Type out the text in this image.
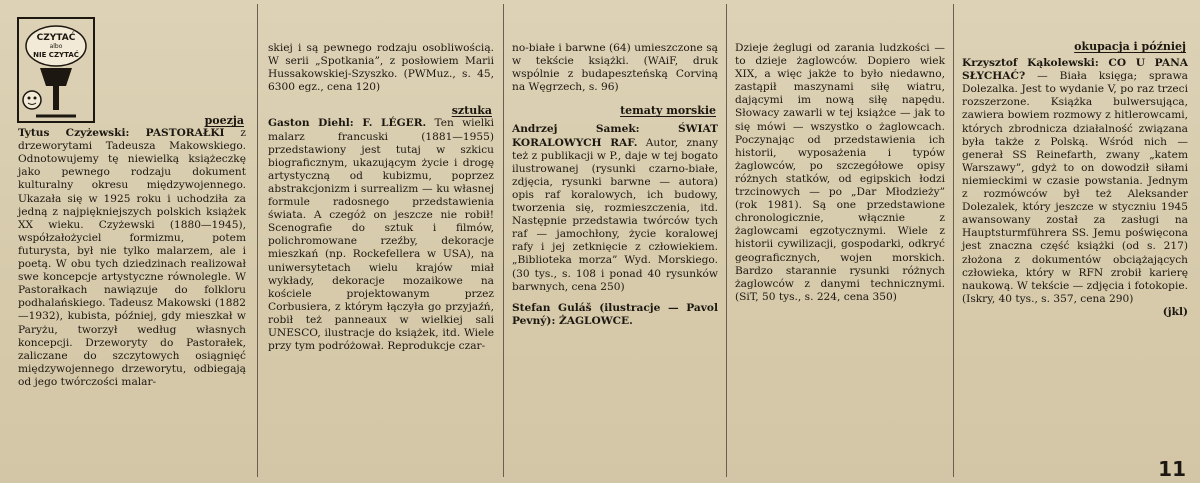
CZYTAĆ
albo
NIE CZYTAĆ
poezja

Tytus Czyżewski: PASTORAŁKI z drzeworytami Tadeusza Makowskiego. Odnotowujemy tę niewielką książeczkę jako pewnego rodzaju dokument kulturalny okresu międzywojennego. Ukazała się w 1925 roku i uchodziła za jedną z najpiękniejszych polskich książek XX wieku. Czyżewski (1880—1945), współzałożyciel formizmu, potem futurysta, był nie tylko malarzem, ale i poetą. W obu tych dziedzinach realizował swe koncepcje artystyczne równolegle. W Pastorałkach nawiązuje do folkloru podhalańskiego. Tadeusz Makowski (1882—1932), kubista, później, gdy mieszkał w Paryżu, tworzył według własnych koncepcji. Drzeworyty do Pastorałek, zaliczane do szczytowych osiągnięć międzywojennego drzeworytu, odbiegają od jego twórczości malar-

skiej i są pewnego rodzaju osobliwością. W serii „Spotkania”, z posłowiem Marii Hussakowskiej-Szyszko. (PWMuz., s. 45, 6300 egz., cena 120)

sztuka

Gaston Diehl: F. LÉGER. Ten wielki malarz francuski (1881—1955) przedstawiony jest tutaj w szkicu biograficznym, ukazującym życie i drogę artystyczną od kubizmu, poprzez abstrakcjonizm i surrealizm — ku własnej formule radosnego przedstawienia świata. A czegóż on jeszcze nie robił! Scenografie do sztuk i filmów, polichromowane rzeźby, dekoracje mieszkań (np. Rockefellera w USA), na uniwersytetach wielu krajów miał wykłady, dekoracje mozaikowe na kościele projektowanym przez Corbusiera, z którym łączyła go przyjaźń, robił też panneaux w wielkiej sali UNESCO, ilustracje do książek, itd. Wiele przy tym podróżował. Reprodukcje czar-

no-białe i barwne (64) umieszczone są w tekście książki. (WAiF, druk wspólnie z budapeszteńską Corviną na Węgrzech, s. 96)

tematy morskie

Andrzej Samek: ŚWIAT KORALOWYCH RAF. Autor, znany też z publikacji w P., daje w tej bogato ilustrowanej (rysunki czarno-białe, zdjęcia, rysunki barwne — autora) opis raf koralowych, ich budowy, tworzenia się, rozmieszczenia, itd. Następnie przedstawia twórców tych raf — jamochłony, życie koralowej rafy i jej zetknięcie z człowiekiem. „Biblioteka morza” Wyd. Morskiego. (30 tys., s. 108 i ponad 40 rysunków barwnych, cena 250)

Stefan Guláš (ilustracje — Pavol Pevný): ŻAGLOWCE.

Dzieje żeglugi od zarania ludzkości — to dzieje żaglowców. Dopiero wiek XIX, a więc jakże to było niedawno, zastąpił maszynami siłę wiatru, dającymi im nową siłę napędu. Słowacy zawarli w tej książce — jak to się mówi — wszystko o żaglowcach. Poczynając od przedstawienia ich historii, wyposażenia i typów żaglowców, po szczegółowe opisy różnych statków, od egipskich łodzi trzcinowych — po „Dar Młodzieży” (rok 1981). Są one przedstawione chronologicznie, włącznie z żaglowcami egzotycznymi. Wiele z historii cywilizacji, gospodarki, odkryć geograficznych, wojen morskich. Bardzo starannie rysunki różnych żaglowców z danymi technicznymi. (SiT, 50 tys., s. 224, cena 350)

okupacja i później

Krzysztof Kąkolewski: CO U PANA SŁYCHAĆ? — Biała księga; sprawa Dolezalka. Jest to wydanie V, po raz trzeci rozszerzone. Książka bulwersująca, zawiera bowiem rozmowy z hitlerowcami, których zbrodnicza działalność związana była także z Polską. Wśród nich — generał SS Reinefarth, zwany „katem Warszawy”, gdyż to on dowodził siłami niemieckimi w czasie powstania. Jednym z rozmówców był też Aleksander Dolezalek, który jeszcze w styczniu 1945 awansowany został za zasługi na Hauptsturmführera SS. Jemu poświęcona jest znaczna część książki (od s. 217) złożona z dokumentów obciążających człowieka, który w RFN zrobił karierę naukową. W tekście — zdjęcia i fotokopie. (Iskry, 40 tys., s. 357, cena 290)

(jkl)
11
